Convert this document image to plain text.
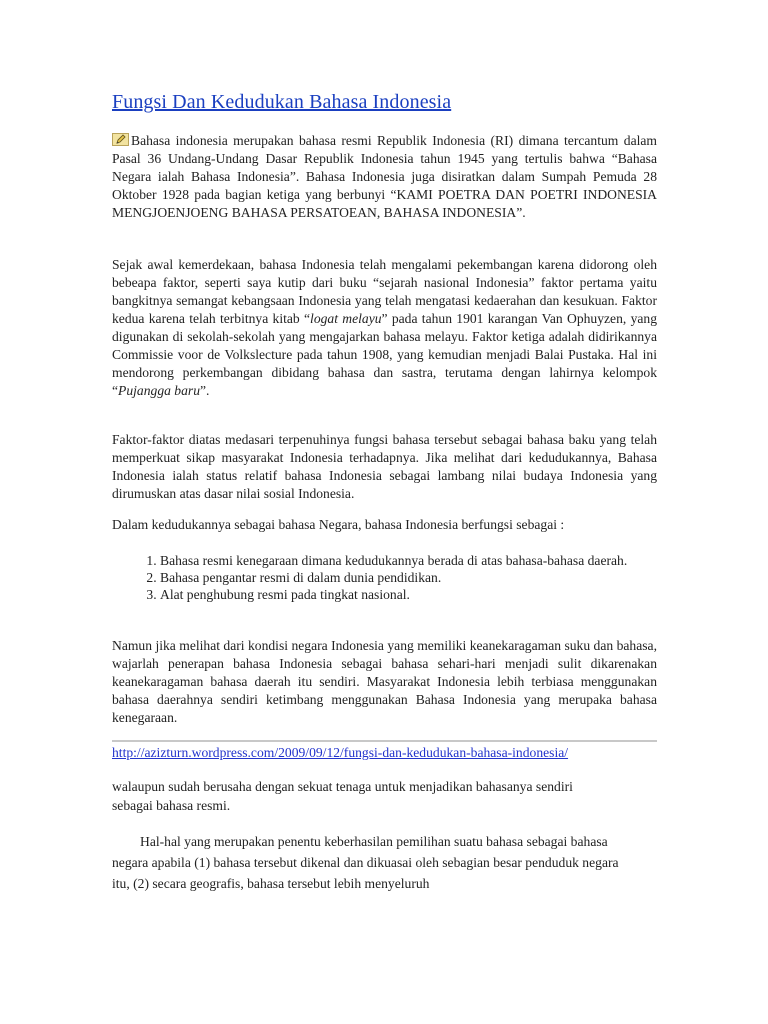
Fungsi Dan Kedudukan Bahasa Indonesia

Bahasa indonesia merupakan bahasa resmi Republik Indonesia (RI) dimana tercantum dalam Pasal 36 Undang-Undang Dasar Republik Indonesia tahun 1945 yang tertulis bahwa “Bahasa Negara ialah Bahasa Indonesia”. Bahasa Indonesia juga disiratkan dalam Sumpah Pemuda 28 Oktober 1928 pada bagian ketiga yang berbunyi “KAMI POETRA DAN POETRI INDONESIA MENGJOENJOENG BAHASA PERSATOEAN, BAHASA INDONESIA”.

Sejak awal kemerdekaan, bahasa Indonesia telah mengalami pekembangan karena didorong oleh bebeapa faktor, seperti saya kutip dari buku “sejarah nasional Indonesia” faktor pertama yaitu bangkitnya semangat kebangsaan Indonesia yang telah mengatasi kedaerahan dan kesukuan. Faktor kedua karena telah terbitnya kitab “logat melayu” pada tahun 1901 karangan Van Ophuyzen, yang digunakan di sekolah-sekolah yang mengajarkan bahasa melayu. Faktor ketiga adalah didirikannya Commissie voor de Volkslecture pada tahun 1908, yang kemudian menjadi Balai Pustaka. Hal ini mendorong perkembangan dibidang bahasa dan sastra, terutama dengan lahirnya kelompok “Pujangga baru”.

Faktor-faktor diatas medasari terpenuhinya fungsi bahasa tersebut sebagai bahasa baku yang telah memperkuat sikap masyarakat Indonesia terhadapnya. Jika melihat dari kedudukannya, Bahasa Indonesia ialah status relatif bahasa Indonesia sebagai lambang nilai budaya Indonesia yang dirumuskan atas dasar nilai sosial Indonesia.

Dalam kedudukannya sebagai bahasa Negara, bahasa Indonesia berfungsi sebagai :

1. Bahasa resmi kenegaraan dimana kedudukannya berada di atas bahasa-bahasa daerah.
2. Bahasa pengantar resmi di dalam dunia pendidikan.
3. Alat penghubung resmi pada tingkat nasional.

Namun jika melihat dari kondisi negara Indonesia yang memiliki keanekaragaman suku dan bahasa, wajarlah penerapan bahasa Indonesia sebagai bahasa sehari-hari menjadi sulit dikarenakan keanekaragaman bahasa daerah itu sendiri. Masyarakat Indonesia lebih terbiasa menggunakan bahasa daerahnya sendiri ketimbang menggunakan Bahasa Indonesia yang merupaka bahasa kenegaraan.

http://azizturn.wordpress.com/2009/09/12/fungsi-dan-kedudukan-bahasa-indonesia/

walaupun sudah berusaha dengan sekuat tenaga untuk menjadikan bahasanya sendiri sebagai bahasa resmi.

Hal-hal yang merupakan penentu keberhasilan pemilihan suatu bahasa sebagai bahasa negara apabila (1) bahasa tersebut dikenal dan dikuasai oleh sebagian besar penduduk negara itu, (2) secara geografis, bahasa tersebut lebih menyeluruh
